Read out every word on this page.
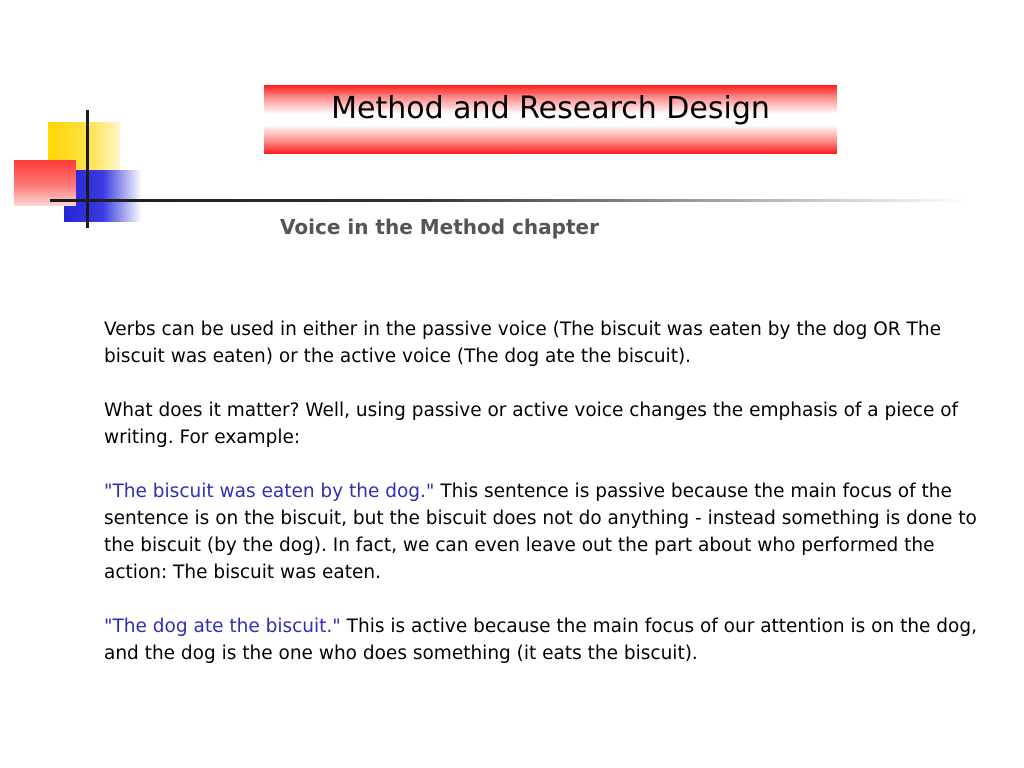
Method and Research Design
Voice in the Method chapter

Verbs can be used in either in the passive voice (The biscuit was eaten by the dog OR The biscuit was eaten) or the active voice (The dog ate the biscuit).

What does it matter? Well, using passive or active voice changes the emphasis of a piece of writing. For example:

"The biscuit was eaten by the dog." This sentence is passive because the main focus of the sentence is on the biscuit, but the biscuit does not do anything - instead something is done to the biscuit (by the dog). In fact, we can even leave out the part about who performed the action: The biscuit was eaten.

"The dog ate the biscuit." This is active because the main focus of our attention is on the dog, and the dog is the one who does something (it eats the biscuit).
